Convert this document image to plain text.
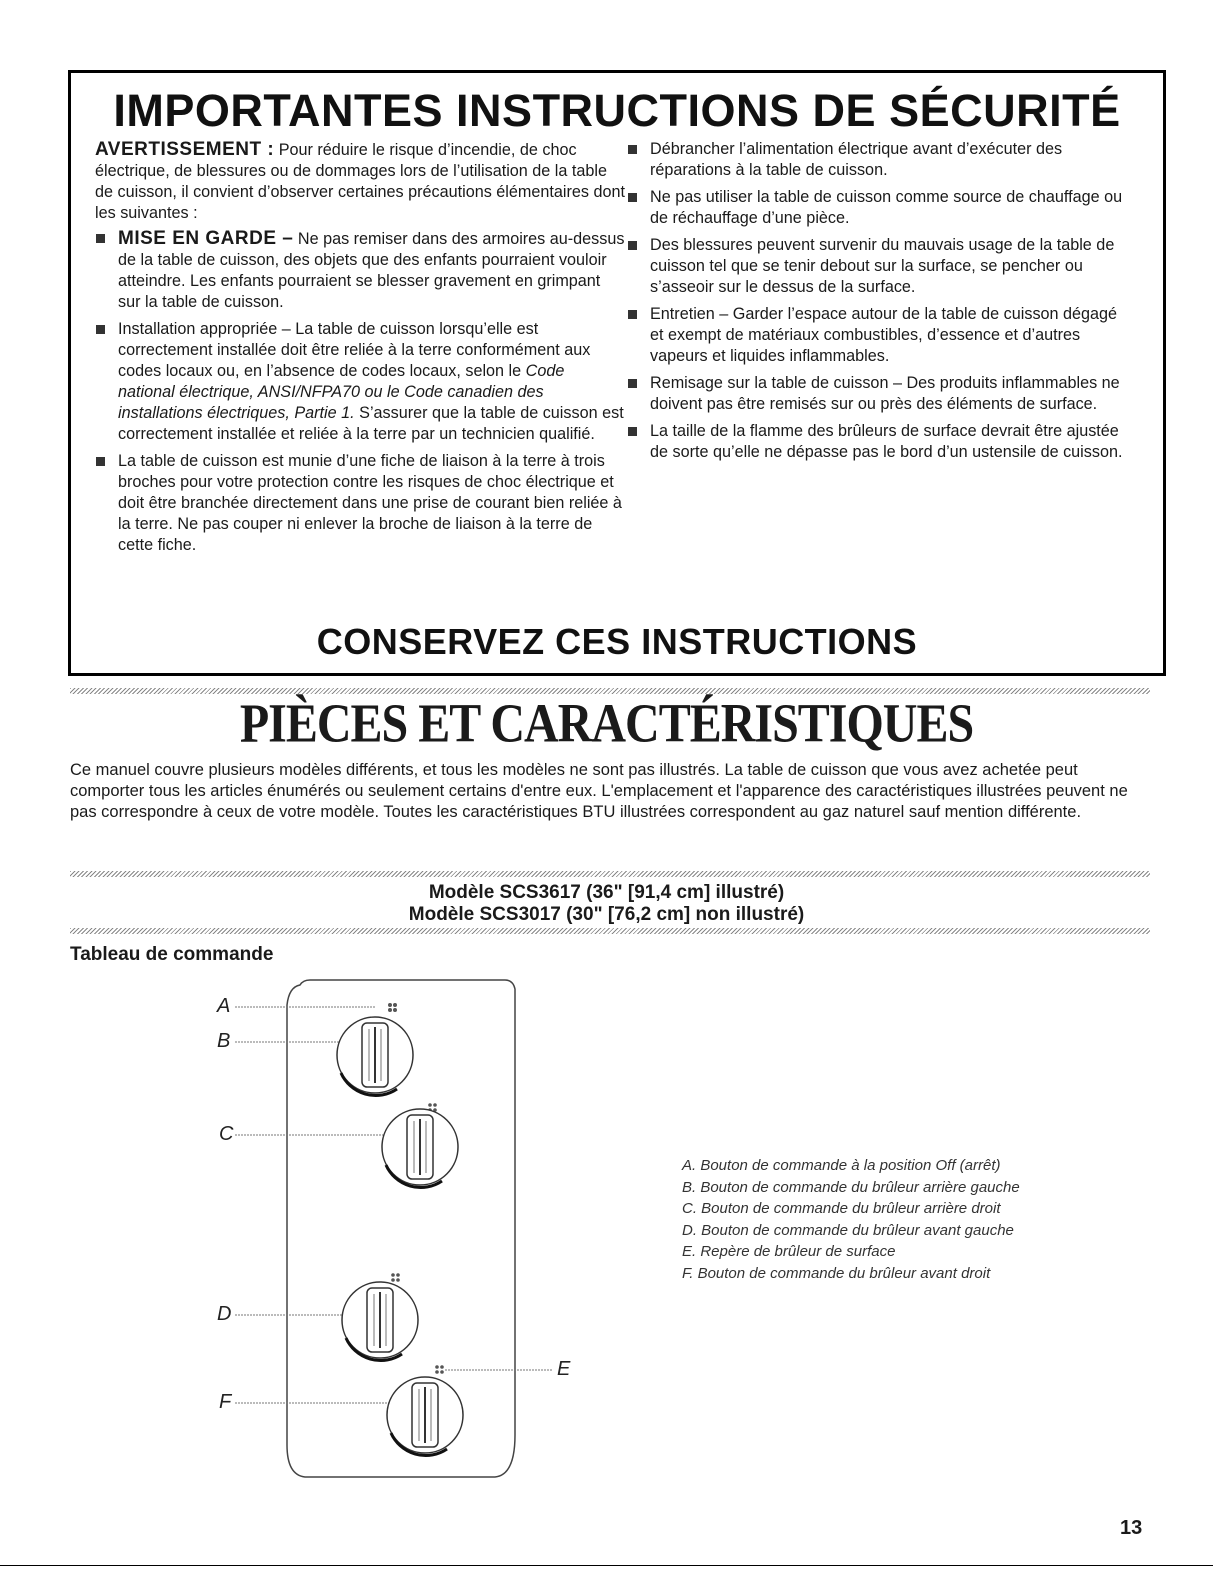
IMPORTANTES INSTRUCTIONS DE SÉCURITÉ

AVERTISSEMENT : Pour réduire le risque d’incendie, de choc électrique, de blessures ou de dommages lors de l’utilisation de la table de cuisson, il convient d’observer certaines précautions élémentaires dont les suivantes :

MISE EN GARDE – Ne pas remiser dans des armoires au-dessus de la table de cuisson, des objets que des enfants pourraient vouloir atteindre. Les enfants pourraient se blesser gravement en grimpant sur la table de cuisson.
Installation appropriée – La table de cuisson lorsqu’elle est correctement installée doit être reliée à la terre conformément aux codes locaux ou, en l’absence de codes locaux, selon le Code national électrique, ANSI/NFPA70 ou le Code canadien des installations électriques, Partie 1. S’assurer que la table de cuisson est correctement installée et reliée à la terre par un technicien qualifié.
La table de cuisson est munie d’une fiche de liaison à la terre à trois broches pour votre protection contre les risques de choc électrique et doit être branchée directement dans une prise de courant bien reliée à la terre. Ne pas couper ni enlever la broche de liaison à la terre de cette fiche.
Débrancher l’alimentation électrique avant d’exécuter des réparations à la table de cuisson.
Ne pas utiliser la table de cuisson comme source de chauffage ou de réchauffage d’une pièce.
Des blessures peuvent survenir du mauvais usage de la table de cuisson tel que se tenir debout sur la surface, se pencher ou s’asseoir sur le dessus de la surface.
Entretien – Garder l’espace autour de la table de cuisson dégagé et exempt de matériaux combustibles, d’essence et d’autres vapeurs et liquides inflammables.
Remisage sur la table de cuisson – Des produits inflammables ne doivent pas être remisés sur ou près des éléments de surface.
La taille de la flamme des brûleurs de surface devrait être ajustée de sorte qu’elle ne dépasse pas le bord d’un ustensile de cuisson.
CONSERVEZ CES INSTRUCTIONS
PIÈCES ET CARACTÉRISTIQUES

Ce manuel couvre plusieurs modèles différents, et tous les modèles ne sont pas illustrés. La table de cuisson que vous avez achetée peut comporter tous les articles énumérés ou seulement certains d'entre eux. L'emplacement et l'apparence des caractéristiques illustrées peuvent ne pas correspondre à ceux de votre modèle. Toutes les caractéristiques BTU illustrées correspondent au gaz naturel sauf mention différente.

Modèle SCS3617 (36" [91,4 cm] illustré)
Modèle SCS3017 (30" [76,2 cm] non illustré)

Tableau de commande

A
B
C
D
E
F

A. Bouton de commande à la position Off (arrêt)

B. Bouton de commande du brûleur arrière gauche

C. Bouton de commande du brûleur arrière droit

D. Bouton de commande du brûleur avant gauche

E. Repère de brûleur de surface

F. Bouton de commande du brûleur avant droit

13
